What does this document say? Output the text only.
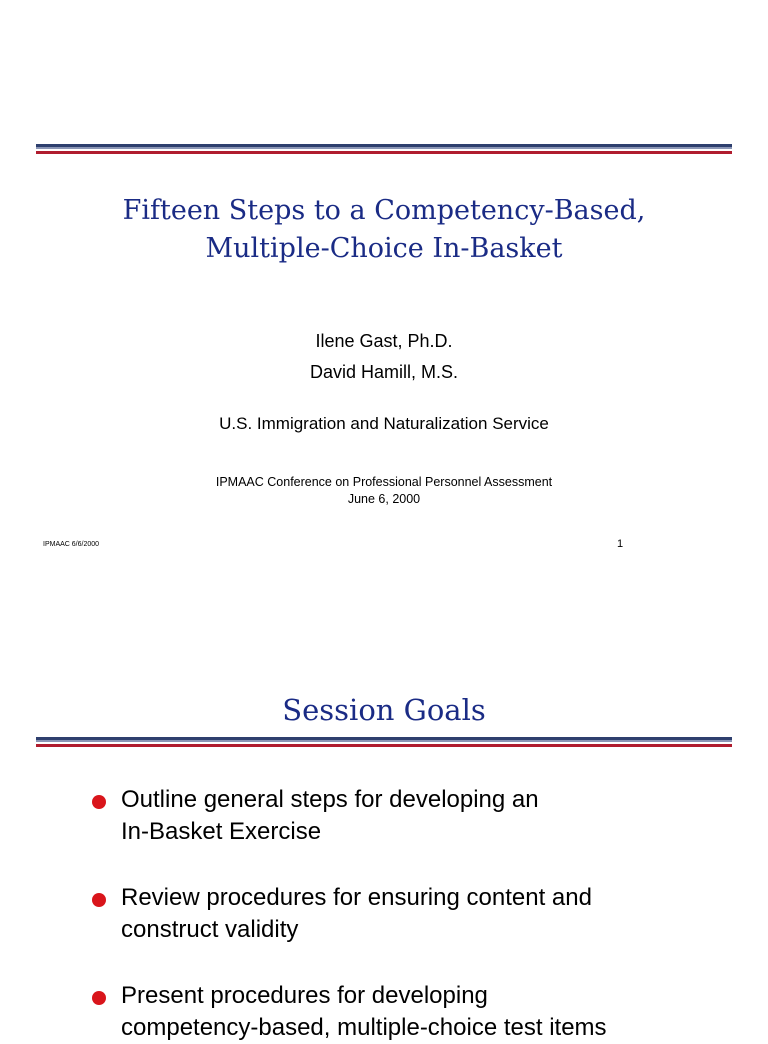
Fifteen Steps to a Competency-Based,
Multiple-Choice In-Basket

Ilene Gast, Ph.D.
David Hamill, M.S.

U.S. Immigration and Naturalization Service

IPMAAC Conference on Professional Personnel Assessment
June 6, 2000

IPMAAC 6/6/2000	1
Session Goals
Outline general steps for developing an
In-Basket Exercise
Review procedures for ensuring content and
construct validity
Present procedures for developing
competency-based, multiple-choice test items
